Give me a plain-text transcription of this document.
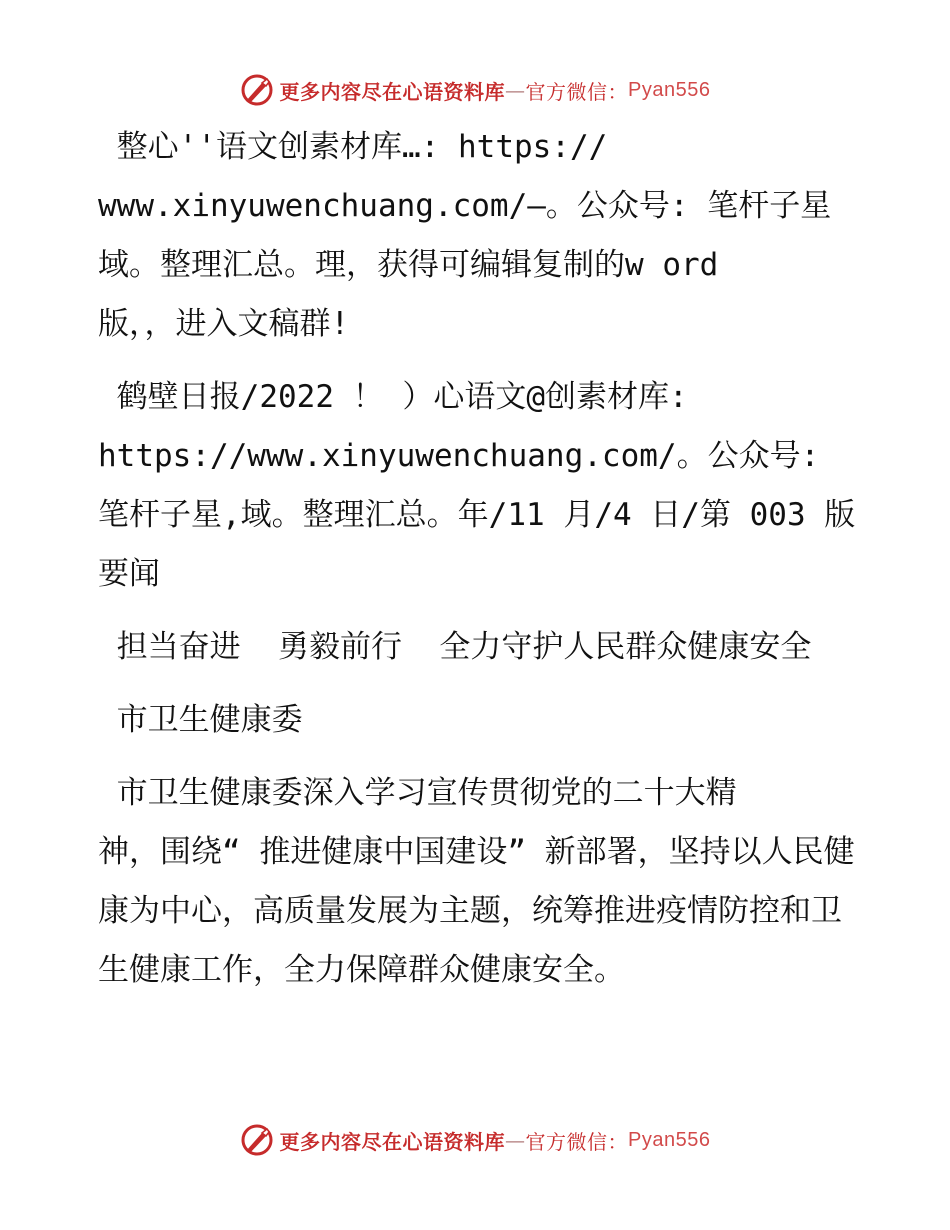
更多内容尽在心语资料库 — 官方微信： Pyan556

整心''语文创素材库…: https://
www.xinyuwenchuang.com/—。公众号: 笔杆子星域。整理汇总。理，获得可编辑复制的w ord
版，，进入文稿群!

鹤壁日报/2022 ！ ）心语文@创素材库:
https://www.xinyuwenchuang.com/。公众号: 笔杆子星,域。整理汇总。年/11 月/4 日/第 003 版要闻

担当奋进  勇毅前行  全力守护人民群众健康安全

市卫生健康委

市卫生健康委深入学习宣传贯彻党的二十大精
神，围绕“ 推进健康中国建设” 新部署，坚持以人民健康为中心，高质量发展为主题，统筹推进疫情防控和卫生健康工作，全力保障群众健康安全。

更多内容尽在心语资料库 — 官方微信： Pyan556
